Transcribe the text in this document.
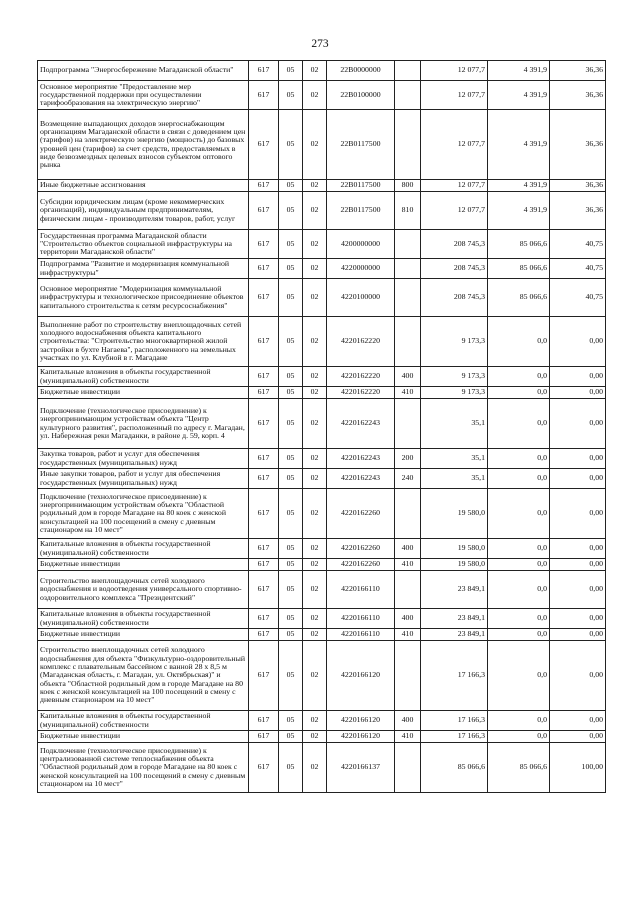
273
Подпрограмма "Энергосбережение Магаданской области"	617	05	02	22В0000000		12 077,7	4 391,9	36,36
Основное мероприятие "Предоставление мер государственной поддержки при осуществлении тарифообразования на электрическую энергию"	617	05	02	22В0100000		12 077,7	4 391,9	36,36
Возмещение выпадающих доходов энергоснабжающим организациям Магаданской области в связи с доведением цен (тарифов) на электрическую энергию (мощность) до базовых уровней цен (тарифов) за счет средств, предоставляемых в виде безвозмездных целевых взносов субъектом оптового рынка	617	05	02	22В0117500		12 077,7	4 391,9	36,36
Иные бюджетные ассигнования	617	05	02	22В0117500	800	12 077,7	4 391,9	36,36
Субсидии юридическим лицам (кроме некоммерческих организаций), индивидуальным предпринимателям, физическим лицам - производителям товаров, работ, услуг	617	05	02	22В0117500	810	12 077,7	4 391,9	36,36
Государственная программа Магаданской области "Строительство объектов социальной инфраструктуры на территории Магаданской области"	617	05	02	4200000000		208 745,3	85 066,6	40,75
Подпрограмма "Развитие и модернизация коммунальной инфраструктуры"	617	05	02	4220000000		208 745,3	85 066,6	40,75
Основное мероприятие "Модернизация коммунальной инфраструктуры и технологическое присоединение объектов капитального строительства к сетям ресурсоснабжения"	617	05	02	4220100000		208 745,3	85 066,6	40,75
Выполнение работ по строительству внеплощадочных сетей холодного водоснабжения объекта капитального строительства: "Строительство многоквартирной жилой застройки в бухте Нагаева", расположенного на земельных участках по ул. Клубной в г. Магадане	617	05	02	4220162220		9 173,3	0,0	0,00
Капитальные вложения в объекты государственной (муниципальной) собственности	617	05	02	4220162220	400	9 173,3	0,0	0,00
Бюджетные инвестиции	617	05	02	4220162220	410	9 173,3	0,0	0,00
Подключение (технологическое присоединение) к энергопринимающим устройствам объекта "Центр культурного развития", расположенный по адресу г. Магадан, ул. Набережная реки Магаданки, в районе д. 59, корп. 4	617	05	02	4220162243		35,1	0,0	0,00
Закупка товаров, работ и услуг для обеспечения государственных (муниципальных) нужд	617	05	02	4220162243	200	35,1	0,0	0,00
Иные закупки товаров, работ и услуг для обеспечения государственных (муниципальных) нужд	617	05	02	4220162243	240	35,1	0,0	0,00
Подключение (технологическое присоединение) к энергопринимающим устройствам объекта "Областной родильный дом в городе Магадане на 80 коек с женской консультацией на 100 посещений в смену с дневным стационаром на 10 мест"	617	05	02	4220162260		19 580,0	0,0	0,00
Капитальные вложения в объекты государственной (муниципальной) собственности	617	05	02	4220162260	400	19 580,0	0,0	0,00
Бюджетные инвестиции	617	05	02	4220162260	410	19 580,0	0,0	0,00
Строительство внеплощадочных сетей холодного водоснабжения и водоотведения универсального спортивно-оздоровительного комплекса "Президентский"	617	05	02	4220166110		23 849,1	0,0	0,00
Капитальные вложения в объекты государственной (муниципальной) собственности	617	05	02	4220166110	400	23 849,1	0,0	0,00
Бюджетные инвестиции	617	05	02	4220166110	410	23 849,1	0,0	0,00
Строительство внеплощадочных сетей холодного водоснабжения для объекта "Физкультурно-оздоровительный комплекс с плавательным бассейном с ванной 28 х 8,5 м (Магаданская область, г. Магадан, ул. Октябрьская)" и объекта "Областной родильный дом в городе Магадане на 80 коек с женской консультацией на 100 посещений в смену с дневным стационаром на 10 мест"	617	05	02	4220166120		17 166,3	0,0	0,00
Капитальные вложения в объекты государственной (муниципальной) собственности	617	05	02	4220166120	400	17 166,3	0,0	0,00
Бюджетные инвестиции	617	05	02	4220166120	410	17 166,3	0,0	0,00
Подключение (технологическое присоединение) к централизованной системе теплоснабжения объекта "Областной родильный дом в городе Магадане на 80 коек с женской консультацией на 100 посещений в смену с дневным стационаром на 10 мест"	617	05	02	4220166137		85 066,6	85 066,6	100,00
